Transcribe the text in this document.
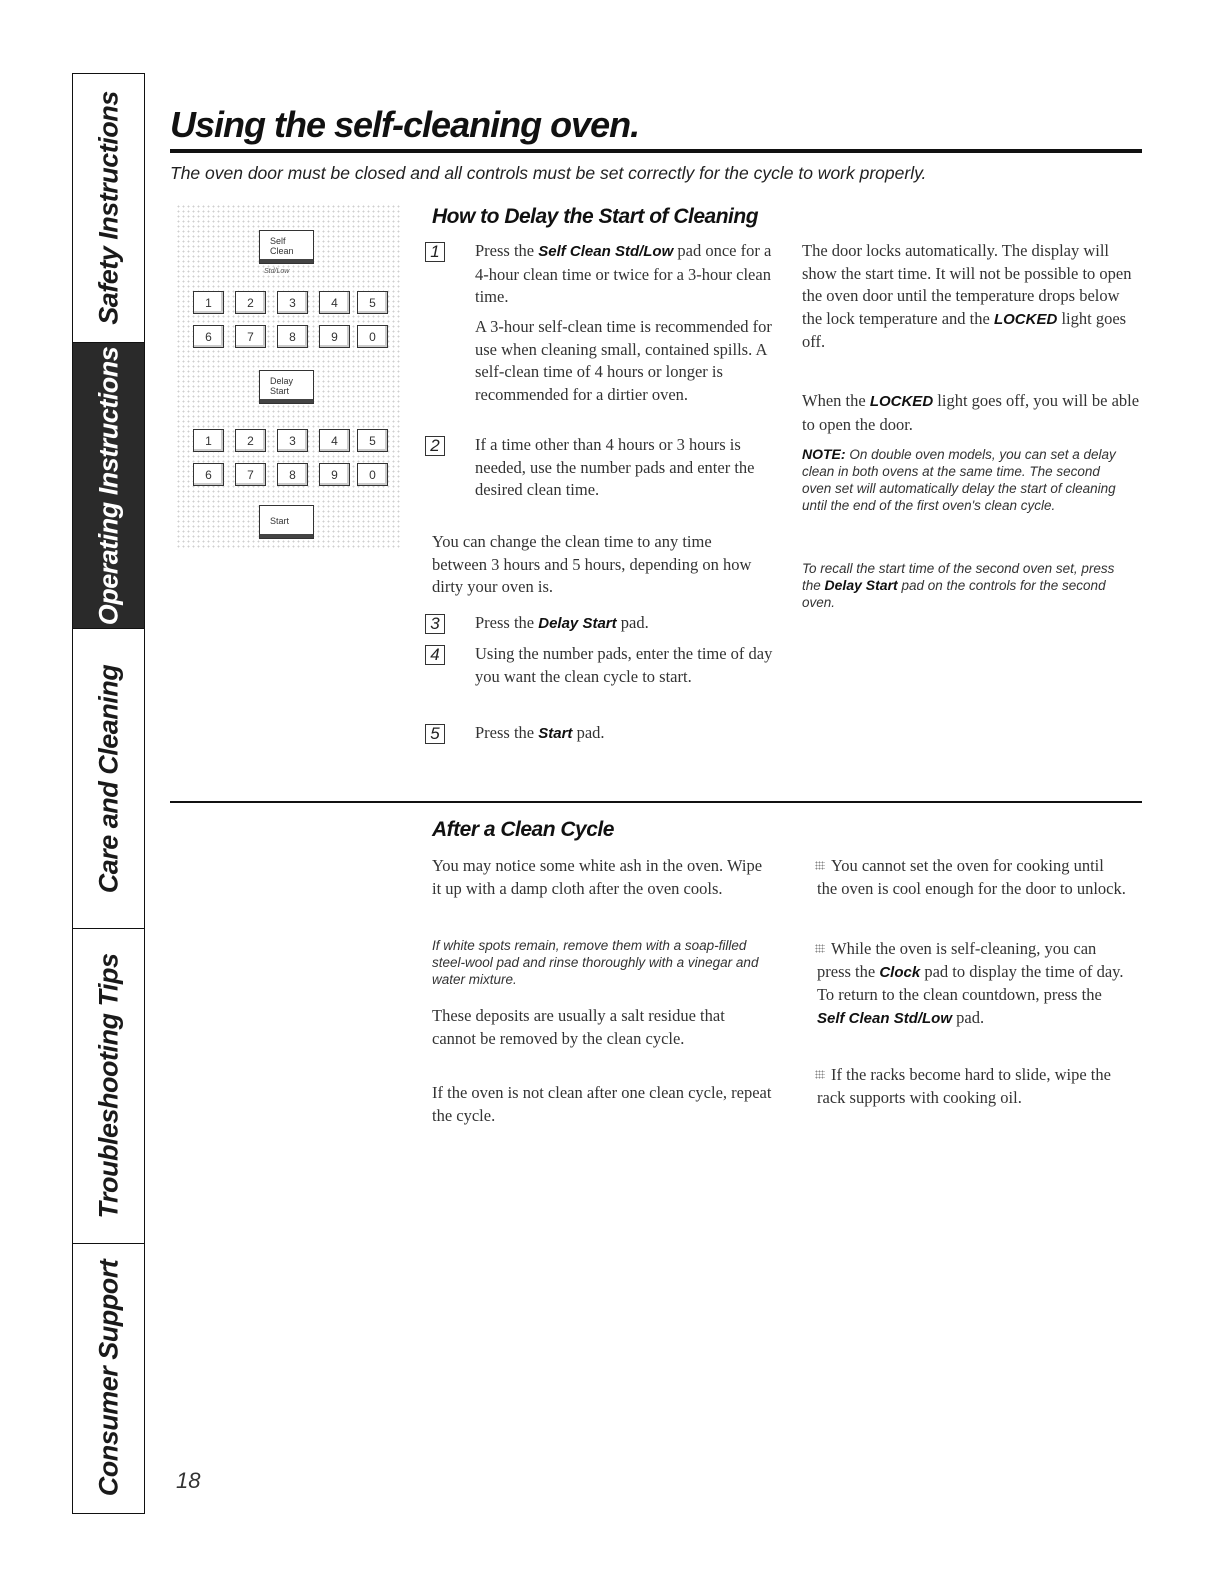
Safety Instructions
Operating Instructions
Care and Cleaning
Troubleshooting Tips
Consumer Support
Using the self-cleaning oven.
The oven door must be closed and all controls must be set correctly for the cycle to work properly.
Self
Clean
Std/Low
1	2	3	4	5
6	7	8	9	0
Delay
Start
1	2	3	4	5
6	7	8	9	0
Start
How to Delay the Start of Cleaning
1	Press the Self Clean Std/Low pad once for a 4-hour clean time or twice for a 3-hour clean time.

A 3-hour self-clean time is recommended for use when cleaning small, contained spills. A self-clean time of 4 hours or longer is recommended for a dirtier oven.

2	If a time other than 4 hours or 3 hours is needed, use the number pads and enter the desired clean time.

You can change the clean time to any time between 3 hours and 5 hours, depending on how dirty your oven is.

3	Press the Delay Start pad.

4	Using the number pads, enter the time of day you want the clean cycle to start.

5	Press the Start pad.

The door locks automatically. The display will show the start time. It will not be possible to open the oven door until the temperature drops below the lock temperature and the LOCKED light goes off.

When the LOCKED light goes off, you will be able to open the door.

NOTE: On double oven models, you can set a delay clean in both ovens at the same time. The second oven set will automatically delay the start of cleaning until the end of the first oven's clean cycle.

To recall the start time of the second oven set, press the Delay Start pad on the controls for the second oven.

After a Clean Cycle

You may notice some white ash in the oven. Wipe it up with a damp cloth after the oven cools.

If white spots remain, remove them with a soap-filled steel-wool pad and rinse thoroughly with a vinegar and water mixture.

These deposits are usually a salt residue that cannot be removed by the clean cycle.

If the oven is not clean after one clean cycle, repeat the cycle.

You cannot set the oven for cooking until the oven is cool enough for the door to unlock.

While the oven is self-cleaning, you can press the Clock pad to display the time of day. To return to the clean countdown, press the Self Clean Std/Low pad.

If the racks become hard to slide, wipe the rack supports with cooking oil.

18
